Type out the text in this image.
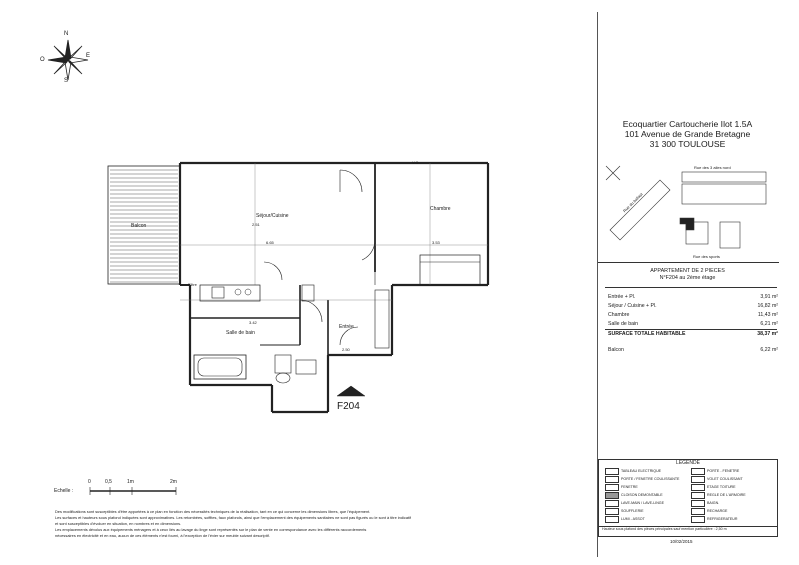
N
E
S
O
Séjour/Cuisine
Chambre
Balcon
Salle de bain
Entrée
V.O.
Filtre
6.65	3.53
2.51
3.42
2.50
F204
Echelle :
0	0,5	1m	2m
Des modifications sont susceptibles d'être apportées à ce plan en fonction des nécessités techniques de la réalisation, tant en ce qui concerne les dimensions libres, que l'équipement.
Les surfaces et hauteurs sous plafond indiquées sont approximatives. Les retombées, soffites, faux plafonds, ainsi que l'emplacement des équipements sanitaires ne sont pas figurés ou le sont à titre indicatif
et sont susceptibles d'évoluer en situation, en nombres et en dimensions.
Les emplacements dévolus aux équipements ménagers et à ceux liés au lavage du linge sont représentés sur le plan de vente en correspondance avec les différents raccordements
nécessaires en électricité et en eau, aucun de ces éléments n'est fourni, à l'exception de l'évier sur meuble suivant descriptif.
Ecoquartier Cartoucherie Ilot 1.5A
101 Avenue de Grande Bretagne
31 300 TOULOUSE
Rue des 3 ailes nord
Rue du ballast
Rue des sports
APPARTEMENT DE 2 PIECES
N°F204 au 2ème étage
Entrée + Pl.	3,91 m²
Séjour / Cuisine + Pl.	16,82 m²
Chambre	11,43 m²
Salle de bain	6,21 m²
SURFACE TOTALE HABITABLE	38,37 m²
Balcon	6,22 m²
LEGENDE
Hauteur sous plafond des pièces principales sauf mention particulière : 2,50 m
TABLEAU ELECTRIQUE
PORTE / FENETRE COULISSANTE
FENETRE
CLOISON DEMONTABLE
LAVE-MAIN / LAVE-LINGE
SOUFFLERIE
LUMI - ASSOT
PORTE - FENETRE
VOLET COULISSANT
ETAGE TOITURE
REGLE DE L'ARMOIRE
BAIGN.
RECHARGE
REFRIGERATEUR
10/02/2015
